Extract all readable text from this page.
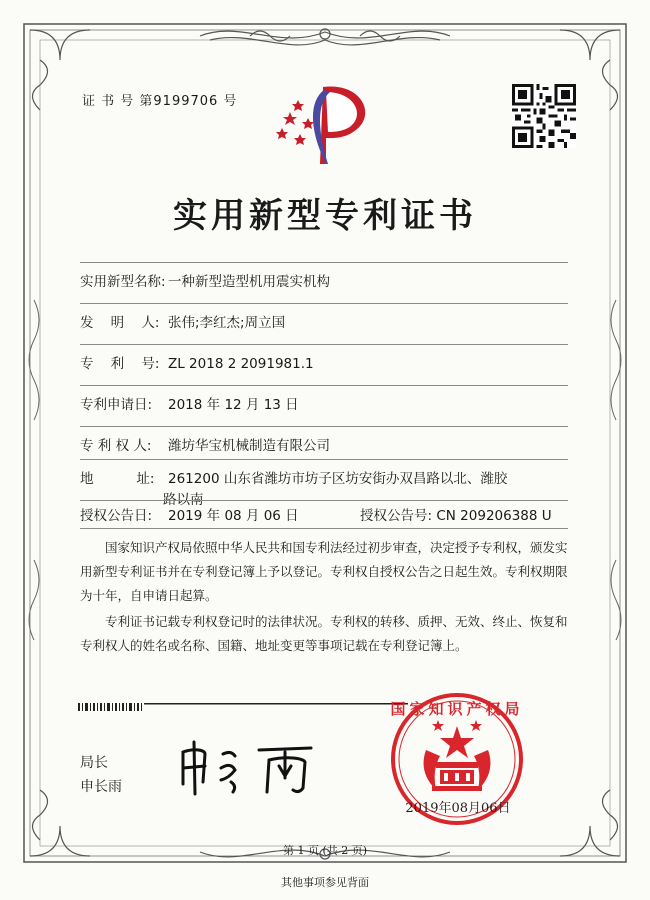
证 书 号 第9199706 号
实用新型专利证书
实用新型名称: 一种新型造型机用震实机构
发    明    人: 张伟;李红杰;周立国
专    利    号: ZL 2018 2 2091981.1
专利申请日: 2018 年 12 月 13 日
专 利 权 人: 潍坊华宝机械制造有限公司
地          址: 261200 山东省潍坊市坊子区坊安街办双昌路以北、潍胶
路以南
授权公告日: 2019 年 08 月 06 日	授权公告号: CN 209206388 U
国家知识产权局依照中华人民共和国专利法经过初步审查，决定授予专利权，颁发实用新型专利证书并在专利登记簿上予以登记。专利权自授权公告之日起生效。专利权期限为十年，自申请日起算。
专利证书记载专利权登记时的法律状况。专利权的转移、质押、无效、终止、恢复和专利权人的姓名或名称、国籍、地址变更等事项记载在专利登记簿上。
局长
申长雨
国家知识产权局
2019年08月06日
第 1 页 (共 2 页)
其他事项参见背面
